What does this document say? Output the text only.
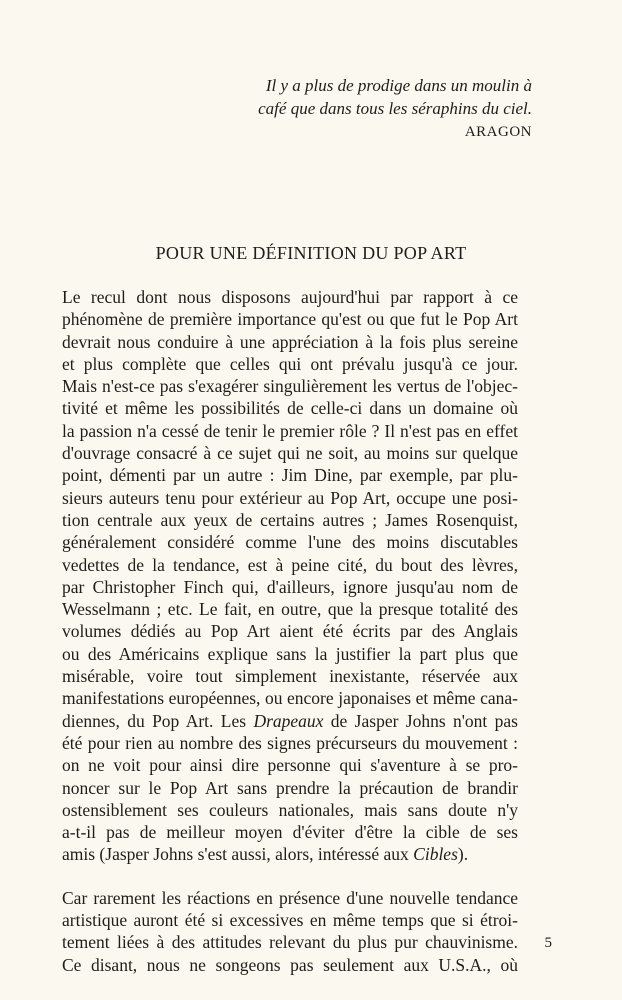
Il y a plus de prodige dans un moulin à
café que dans tous les séraphins du ciel.
ARAGON
POUR UNE DÉFINITION DU POP ART

Le recul dont nous disposons aujourd'hui par rapport à ce

phénomène de première importance qu'est ou que fut le Pop Art

devrait nous conduire à une appréciation à la fois plus sereine

et plus complète que celles qui ont prévalu jusqu'à ce jour.

Mais n'est-ce pas s'exagérer singulièrement les vertus de l'objec-

tivité et même les possibilités de celle-ci dans un domaine où

la passion n'a cessé de tenir le premier rôle ? Il n'est pas en effet

d'ouvrage consacré à ce sujet qui ne soit, au moins sur quelque

point, démenti par un autre : Jim Dine, par exemple, par plu-

sieurs auteurs tenu pour extérieur au Pop Art, occupe une posi-

tion centrale aux yeux de certains autres ; James Rosenquist,

généralement considéré comme l'une des moins discutables

vedettes de la tendance, est à peine cité, du bout des lèvres,

par Christopher Finch qui, d'ailleurs, ignore jusqu'au nom de

Wesselmann ; etc. Le fait, en outre, que la presque totalité des

volumes dédiés au Pop Art aient été écrits par des Anglais

ou des Américains explique sans la justifier la part plus que

misérable, voire tout simplement inexistante, réservée aux

manifestations européennes, ou encore japonaises et même cana-

diennes, du Pop Art. Les Drapeaux de Jasper Johns n'ont pas

été pour rien au nombre des signes précurseurs du mouvement :

on ne voit pour ainsi dire personne qui s'aventure à se pro-

noncer sur le Pop Art sans prendre la précaution de brandir

ostensiblement ses couleurs nationales, mais sans doute n'y

a-t-il pas de meilleur moyen d'éviter d'être la cible de ses

amis (Jasper Johns s'est aussi, alors, intéressé aux Cibles).

Car rarement les réactions en présence d'une nouvelle tendance

artistique auront été si excessives en même temps que si étroi-

tement liées à des attitudes relevant du plus pur chauvinisme.

Ce disant, nous ne songeons pas seulement aux U.S.A., où

5
